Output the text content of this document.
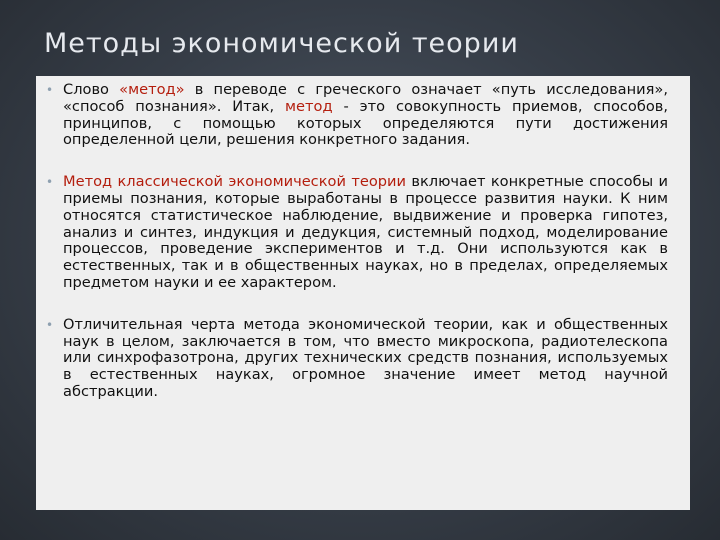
Методы экономической теории
• Слово «метод» в переводе с греческого означает «путь исследования», «способ познания». Итак, метод - это совокупность приемов, способов, принципов, с помощью которых определяются пути достижения определенной цели, решения конкретного задания.
• Метод классической экономической теории включает конкретные способы и приемы познания, которые выработаны в процессе развития науки. К ним относятся статистическое наблюдение, выдвижение и проверка гипотез, анализ и синтез, индукция и дедукция, системный подход, моделирование процессов, проведение экспериментов и т.д. Они используются как в естественных, так и в общественных науках, но в пределах, определяемых предметом науки и ее характером.
• Отличительная черта метода экономической теории, как и общественных наук в целом, заключается в том, что вместо микроскопа, радиотелескопа или синхрофазотрона, других технических средств познания, используемых в естественных науках, огромное значение имеет метод научной абстракции.
